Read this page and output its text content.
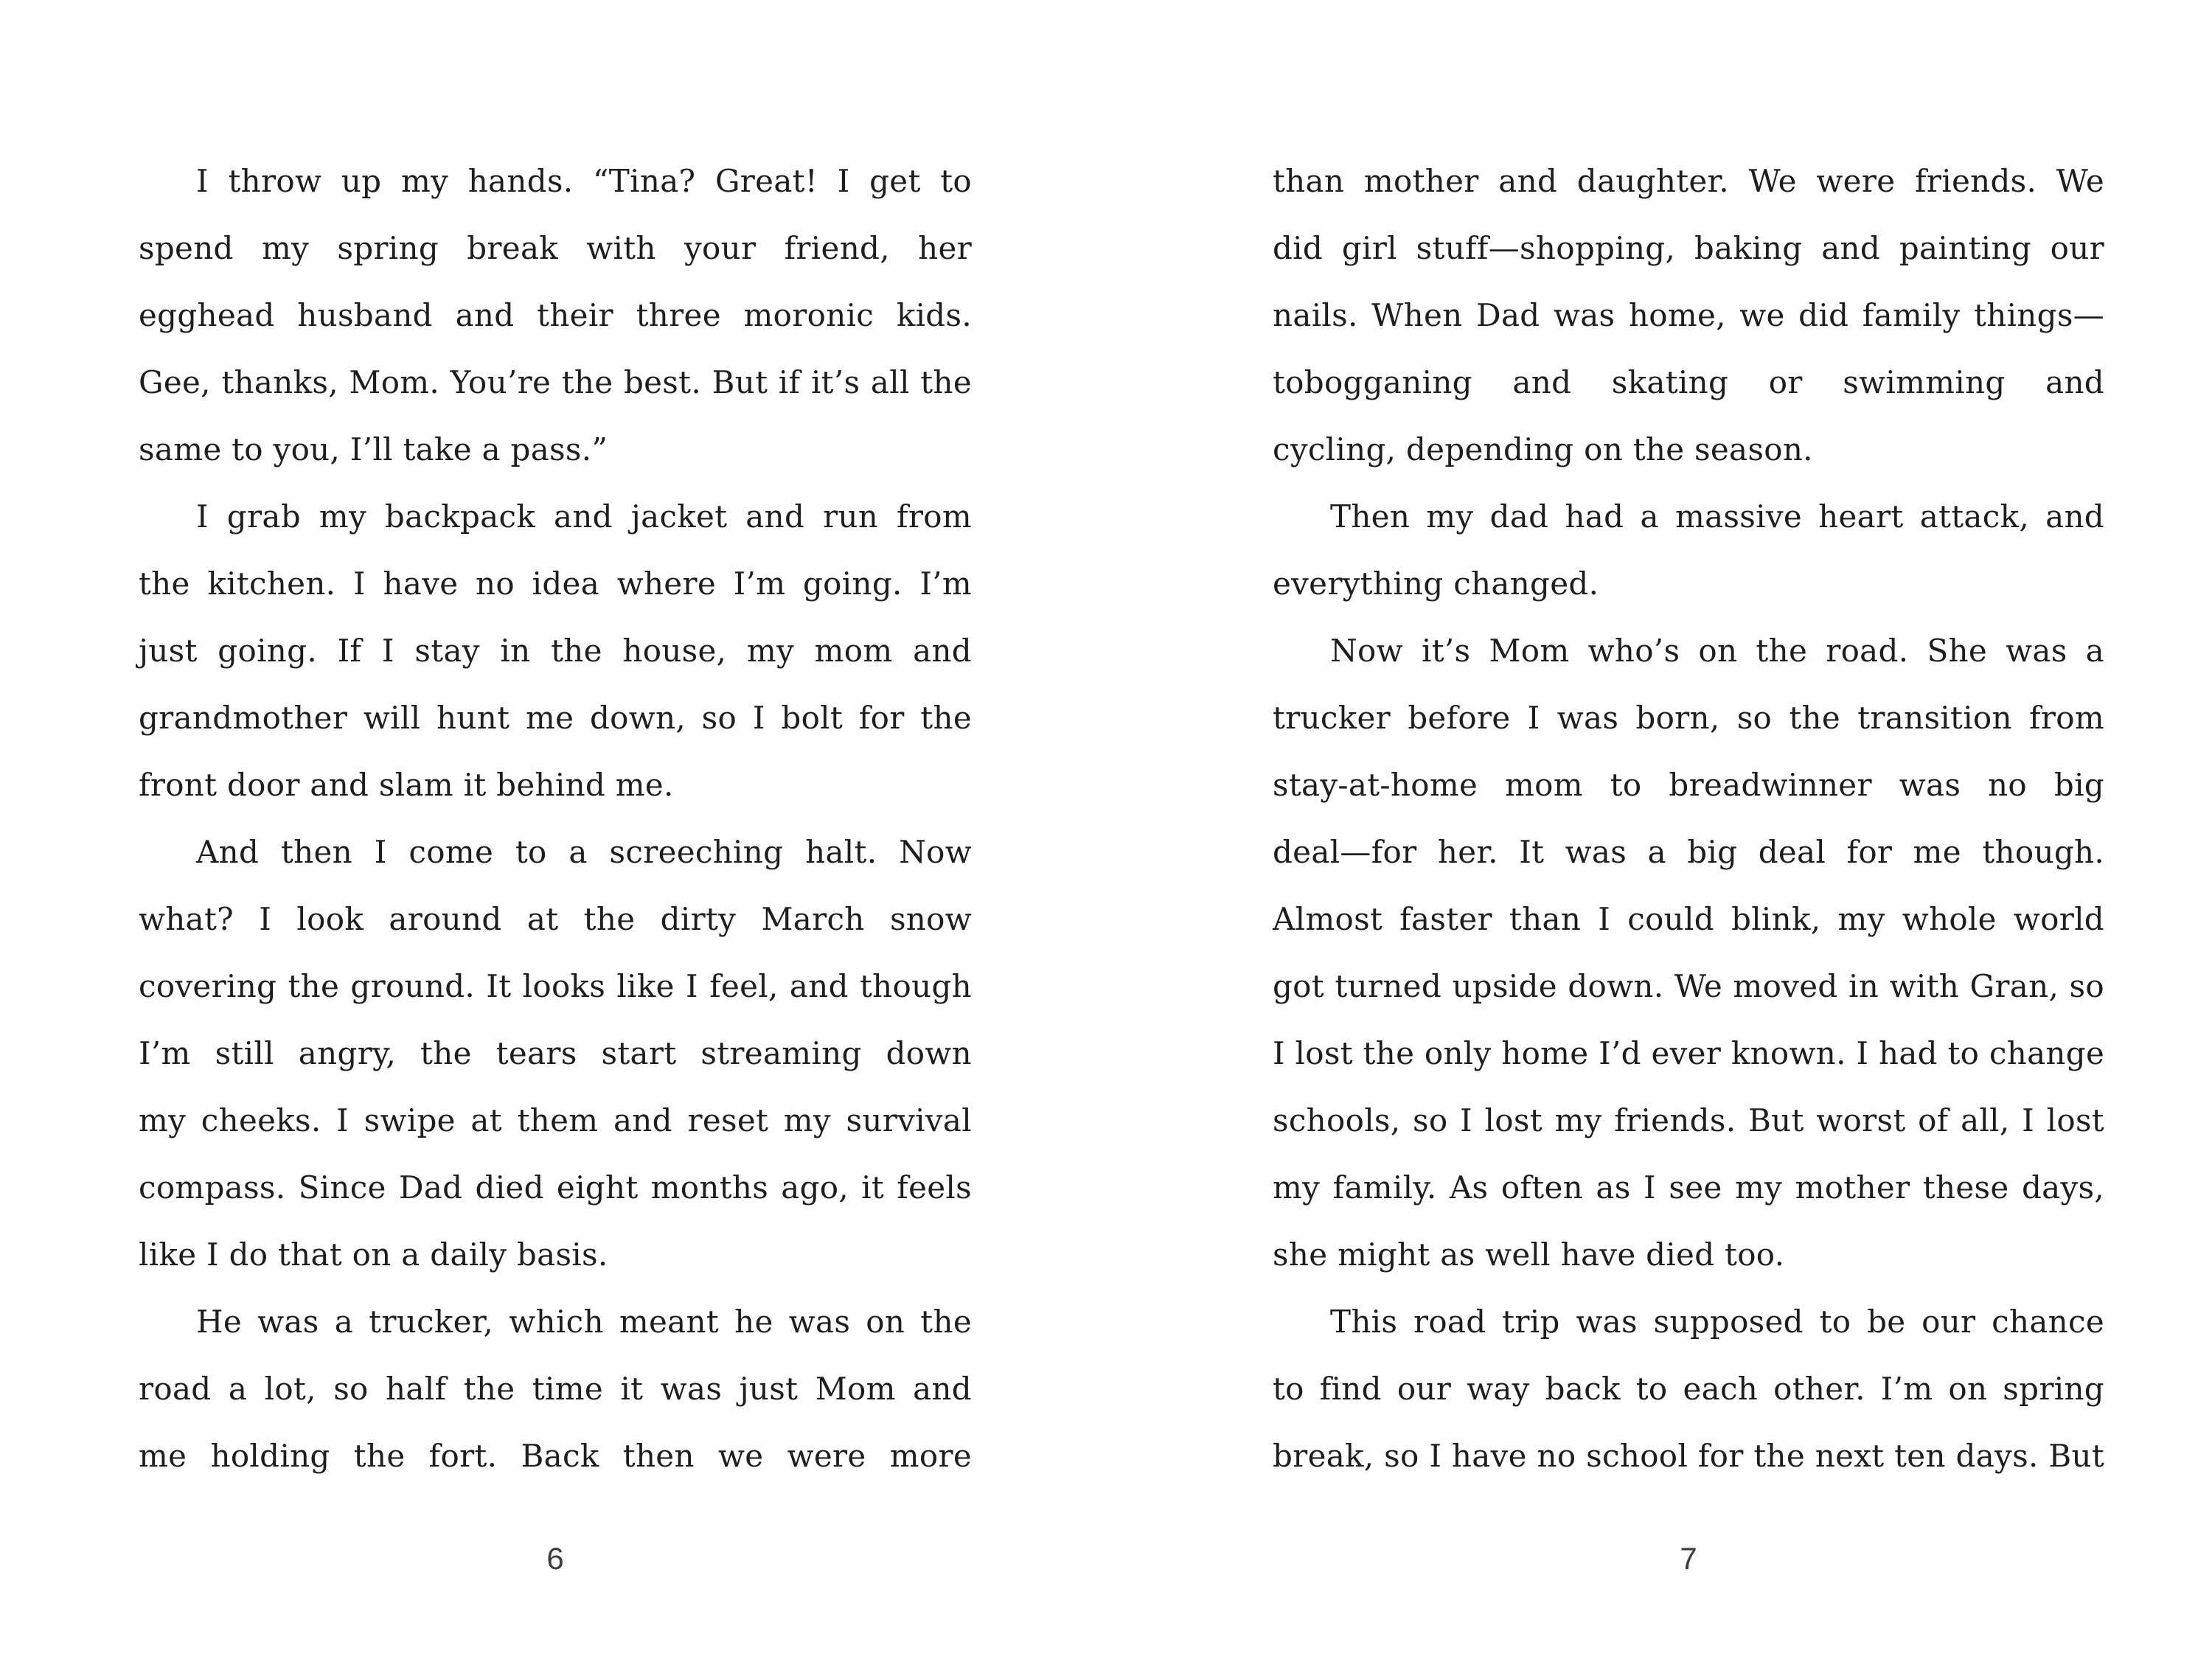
I throw up my hands. “Tina? Great! I get to
spend my spring break with your friend, her
egghead husband and their three moronic kids.
Gee, thanks, Mom. You’re the best. But if it’s all the
same to you, I’ll take a pass.”
I grab my backpack and jacket and run from
the kitchen. I have no idea where I’m going. I’m
just going. If I stay in the house, my mom and
grandmother will hunt me down, so I bolt for the
front door and slam it behind me.
And then I come to a screeching halt. Now
what? I look around at the dirty March snow
covering the ground. It looks like I feel, and though
I’m still angry, the tears start streaming down
my cheeks. I swipe at them and reset my survival
compass. Since Dad died eight months ago, it feels
like I do that on a daily basis.
He was a trucker, which meant he was on the
road a lot, so half the time it was just Mom and
me holding the fort. Back then we were more
than mother and daughter. We were friends. We
did girl stuff—shopping, baking and painting our
nails. When Dad was home, we did family things—
tobogganing and skating or swimming and
cycling, depending on the season.
Then my dad had a massive heart attack, and
everything changed.
Now it’s Mom who’s on the road. She was a
trucker before I was born, so the transition from
stay-at-home mom to breadwinner was no big
deal—for her. It was a big deal for me though.
Almost faster than I could blink, my whole world
got turned upside down. We moved in with Gran, so
I lost the only home I’d ever known. I had to change
schools, so I lost my friends. But worst of all, I lost
my family. As often as I see my mother these days,
she might as well have died too.
This road trip was supposed to be our chance
to find our way back to each other. I’m on spring
break, so I have no school for the next ten days. But
6	7
